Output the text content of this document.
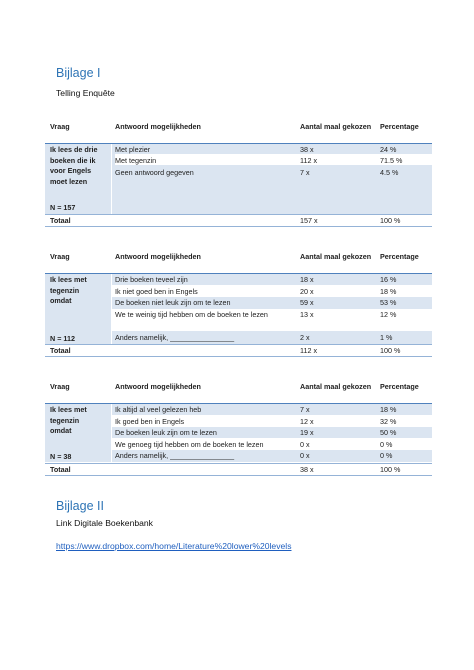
Bijlage I
Telling Enquête
Vraag	Antwoord mogelijkheden	Aantal maal gekozen Percentage
Ik lees de drie
boeken die ik
voor Engels
moet lezen
N = 157
Met plezier	38 x	24 %
Met tegenzin	112 x	71.5 %
Geen antwoord gegeven	7 x	4.5 %
Totaal	157 x	100 %
Vraag	Antwoord mogelijkheden	Aantal maal gekozen Percentage
Ik lees met
tegenzin
omdat
N = 112
Drie boeken teveel zijn	18 x	16 %
Ik niet goed ben in Engels	20 x	18 %
De boeken niet leuk zijn om te lezen	59 x	53 %
We te weinig tijd hebben om de boeken te lezen	13 x	12 %
Anders namelijk, ________________	2 x	1 %
Totaal	112 x	100 %
Vraag	Antwoord mogelijkheden	Aantal maal gekozen Percentage
Ik lees met
tegenzin
omdat
N = 38
Ik altijd al veel gelezen heb	7 x	18 %
Ik goed ben in Engels	12 x	32 %
De boeken leuk zijn om te lezen	19 x	50 %
We genoeg tijd hebben om de boeken te lezen	0 x	0 %
Anders namelijk, ________________	0 x	0 %
Totaal	38 x	100 %
Bijlage II
Link Digitale Boekenbank
https://www.dropbox.com/home/Literature%20lower%20levels
